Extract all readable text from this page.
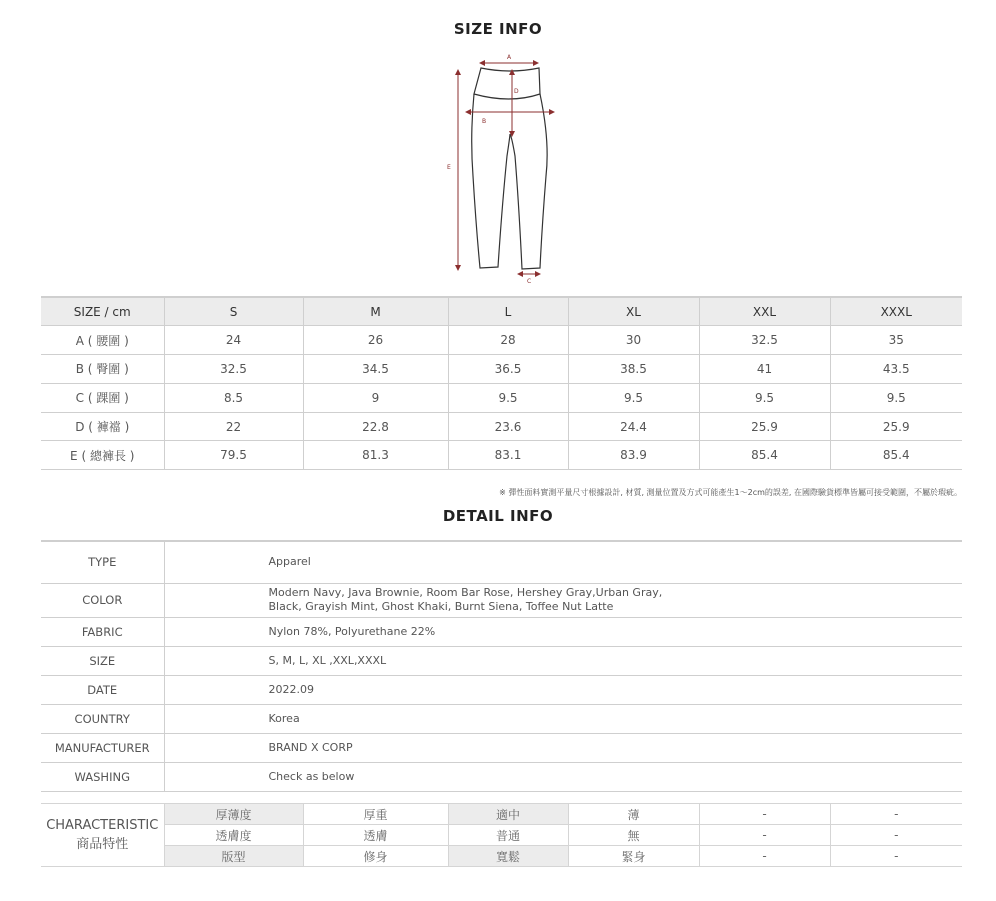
SIZE INFO
A
D
B
E
C
SIZE / cm	S	M	L	XL	XXL	XXXL
A ( 腰圍 )	24	26	28	30	32.5	35
B ( 臀圍 )	32.5	34.5	36.5	38.5	41	43.5
C ( 踝圍 )	8.5	9	9.5	9.5	9.5	9.5
D ( 褲襠 )	22	22.8	23.6	24.4	25.9	25.9
E ( 總褲長 )	79.5	81.3	83.1	83.9	85.4	85.4
※ 彈性面料實測平量尺寸根據設計, 材質, 測量位置及方式可能產生1～2cm的誤差, 在國際驗貨標準皆屬可接受範圍，不屬於瑕疵。
DETAIL INFO
TYPE	Apparel
COLOR	Modern Navy, Java Brownie, Room Bar Rose, Hershey Gray,Urban Gray,
Black, Grayish Mint, Ghost Khaki, Burnt Siena, Toffee Nut Latte

FABRIC	Nylon 78%, Polyurethane 22%
SIZE	S, M, L, XL ,XXL,XXXL
DATE	2022.09
COUNTRY	Korea
MANUFACTURER	BRAND X CORP
WASHING	Check as below
CHARACTERISTIC
商品特性	厚薄度	厚重	適中	薄	-	-
	透膚度	透膚	普通	無	-	-
	版型	修身	寬鬆	緊身	-	-
